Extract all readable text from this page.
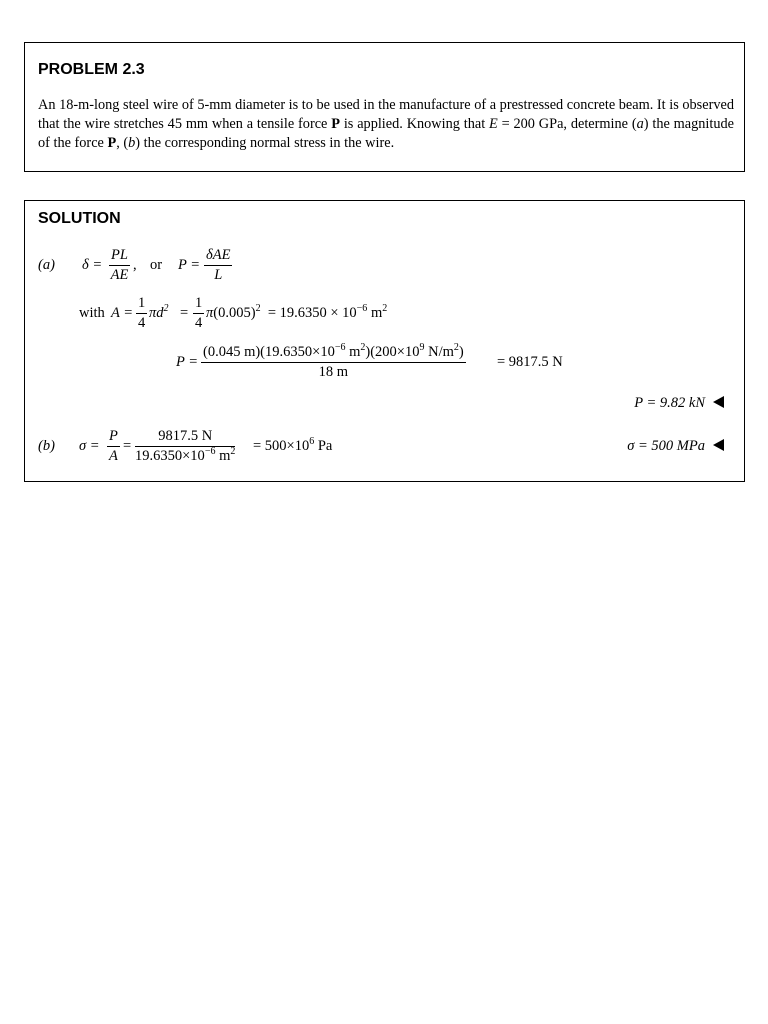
PROBLEM 2.3

An 18-m-long steel wire of 5-mm diameter is to be used in the manufacture of a prestressed concrete beam. It is observed that the wire stretches 45 mm when a tensile force P is applied. Knowing that E = 200 GPa, determine (a) the magnitude of the force P, (b) the corresponding normal stress in the wire.

SOLUTION
(a) $\delta = \frac{PL}{AE}$ , or P =
δAE
L
with $A = \frac{1}{4} \pi d^2 = \frac{1}{4} \pi(0.005)^2 = 19.6350 \times 10^{-6}$ $m^2$
$P = \frac{(0.045 m)(19.6350\times 10^{-6} m^2)(200\times 10^9 N/m^2)}{18 m} = 9817.5$ N
P = 9.82 kN
(b) $\sigma = \frac{P}{A} = \frac{9817.5 N}{19.6350\times 10^{-6} m^2} = 500\times 10^6$ Pa	σ = 500 MPa
